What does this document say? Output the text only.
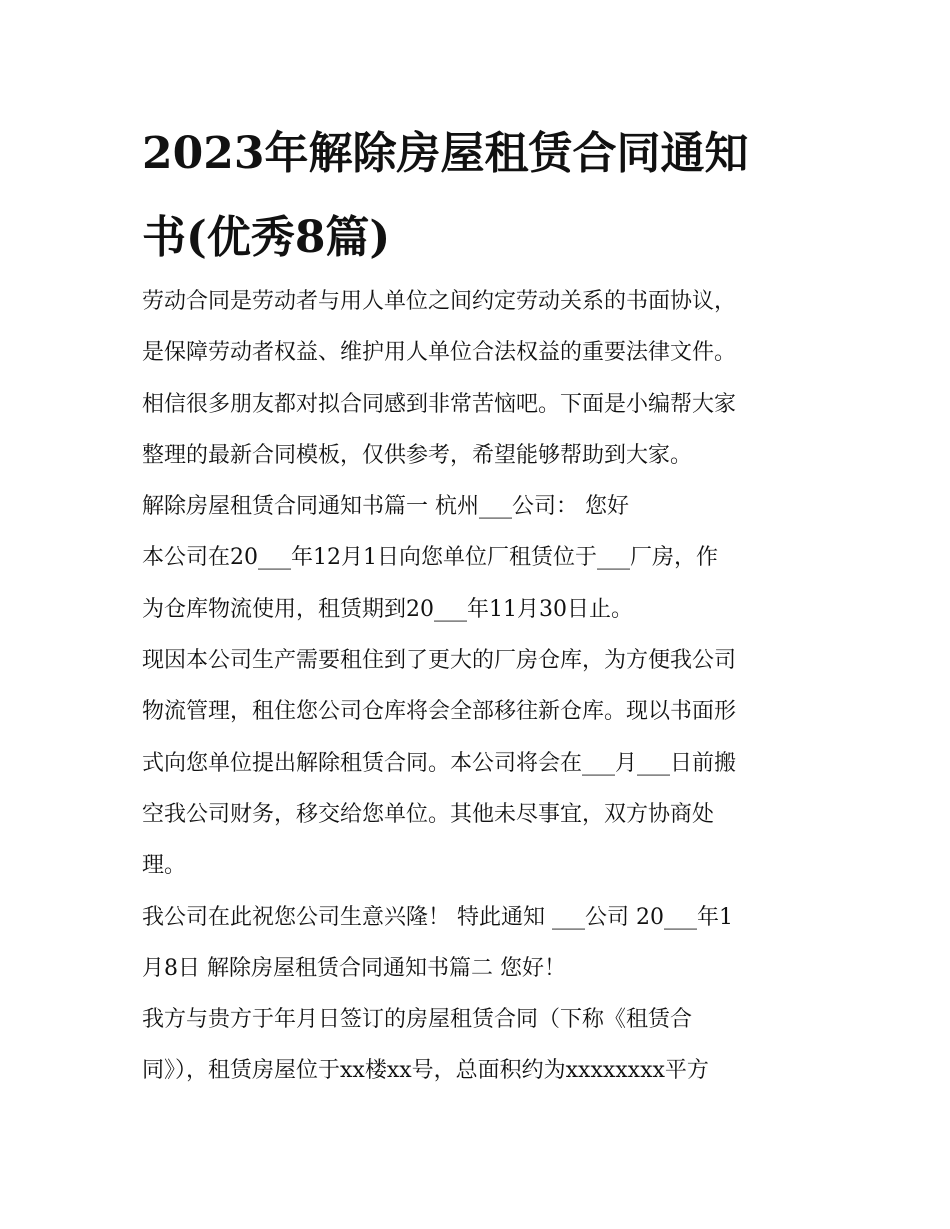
2023年解除房屋租赁合同通知
书(优秀8篇)

劳动合同是劳动者与用人单位之间约定劳动关系的书面协议，
是保障劳动者权益、维护用人单位合法权益的重要法律文件。
相信很多朋友都对拟合同感到非常苦恼吧。下面是小编帮大家
整理的最新合同模板，仅供参考，希望能够帮助到大家。

解除房屋租赁合同通知书篇一 杭州___公司： 您好

本公司在20___年12月1日向您单位厂租赁位于___厂房，作
为仓库物流使用，租赁期到20___年11月30日止。

现因本公司生产需要租住到了更大的厂房仓库，为方便我公司
物流管理，租住您公司仓库将会全部移往新仓库。现以书面形
式向您单位提出解除租赁合同。本公司将会在___月___日前搬
空我公司财务，移交给您单位。其他未尽事宜，双方协商处
理。

我公司在此祝您公司生意兴隆！ 特此通知 ___公司 20___年1
月8日 解除房屋租赁合同通知书篇二 您好！

我方与贵方于年月日签订的房屋租赁合同（下称《租赁合
同》），租赁房屋位于xx楼xx号，总面积约为xxxxxxxx平方
